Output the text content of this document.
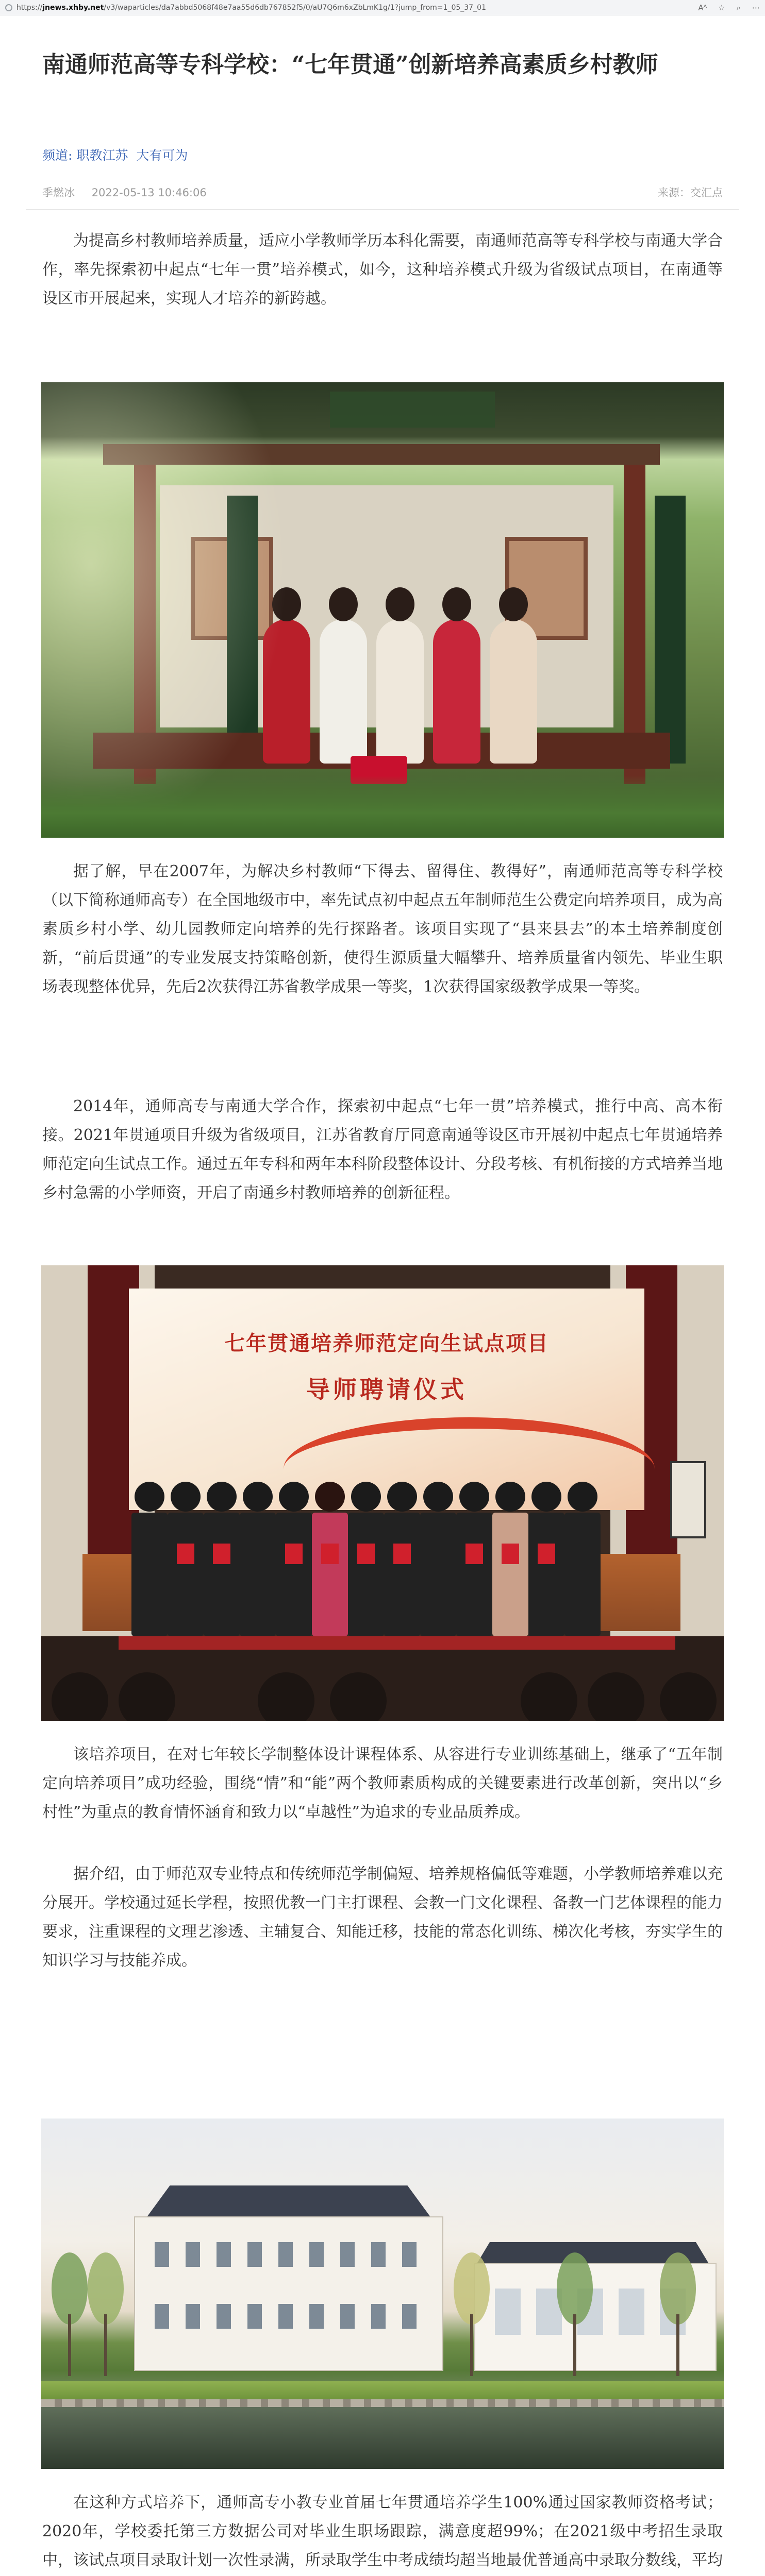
https://jnews.xhby.net/v3/waparticles/da7abbd5068f48e7aa55d6db767852f5/0/aU7Q6m6xZbLmK1g/1?jump_from=1_05_37_01	Aᴬ ☆ ⌕ ⋯
南通师范高等专科学校：“七年贯通”创新培养高素质乡村教师
频道: 职教江苏 大有可为
季燃冰 2022-05-13 10:46:06	来源：交汇点

为提高乡村教师培养质量，适应小学教师学历本科化需要，南通师范高等专科学校与南通大学合作，率先探索初中起点“七年一贯”培养模式，如今，这种培养模式升级为省级试点项目，在南通等设区市开展起来，实现人才培养的新跨越。

据了解，早在2007年，为解决乡村教师“下得去、留得住、教得好”，南通师范高等专科学校（以下简称通师高专）在全国地级市中，率先试点初中起点五年制师范生公费定向培养项目，成为高素质乡村小学、幼儿园教师定向培养的先行探路者。该项目实现了“县来县去”的本土培养制度创新，“前后贯通”的专业发展支持策略创新，使得生源质量大幅攀升、培养质量省内领先、毕业生职场表现整体优异，先后2次获得江苏省教学成果一等奖，1次获得国家级教学成果一等奖。

2014年，通师高专与南通大学合作，探索初中起点“七年一贯”培养模式，推行中高、高本衔接。2021年贯通项目升级为省级项目，江苏省教育厅同意南通等设区市开展初中起点七年贯通培养师范定向生试点工作。通过五年专科和两年本科阶段整体设计、分段考核、有机衔接的方式培养当地乡村急需的小学师资，开启了南通乡村教师培养的创新征程。

七年贯通培养师范定向生试点项目
导师聘请仪式

该培养项目，在对七年较长学制整体设计课程体系、从容进行专业训练基础上，继承了“五年制定向培养项目”成功经验，围绕“情”和“能”两个教师素质构成的关键要素进行改革创新，突出以“乡村性”为重点的教育情怀涵育和致力以“卓越性”为追求的专业品质养成。

据介绍，由于师范双专业特点和传统师范学制偏短、培养规格偏低等难题，小学教师培养难以充分展开。学校通过延长学程，按照优教一门主打课程、会教一门文化课程、备教一门艺体课程的能力要求，注重课程的文理艺渗透、主辅复合、知能迁移，技能的常态化训练、梯次化考核，夯实学生的知识学习与技能养成。

在这种方式培养下，通师高专小教专业首届七年贯通培养学生100%通过国家教师资格考试；2020年，学校委托第三方数据公司对毕业生职场跟踪，满意度超99%；在2021级中考招生录取中，该试点项目录取计划一次性录满，所录取学生中考成绩均超当地最优普通高中录取分数线，平均
